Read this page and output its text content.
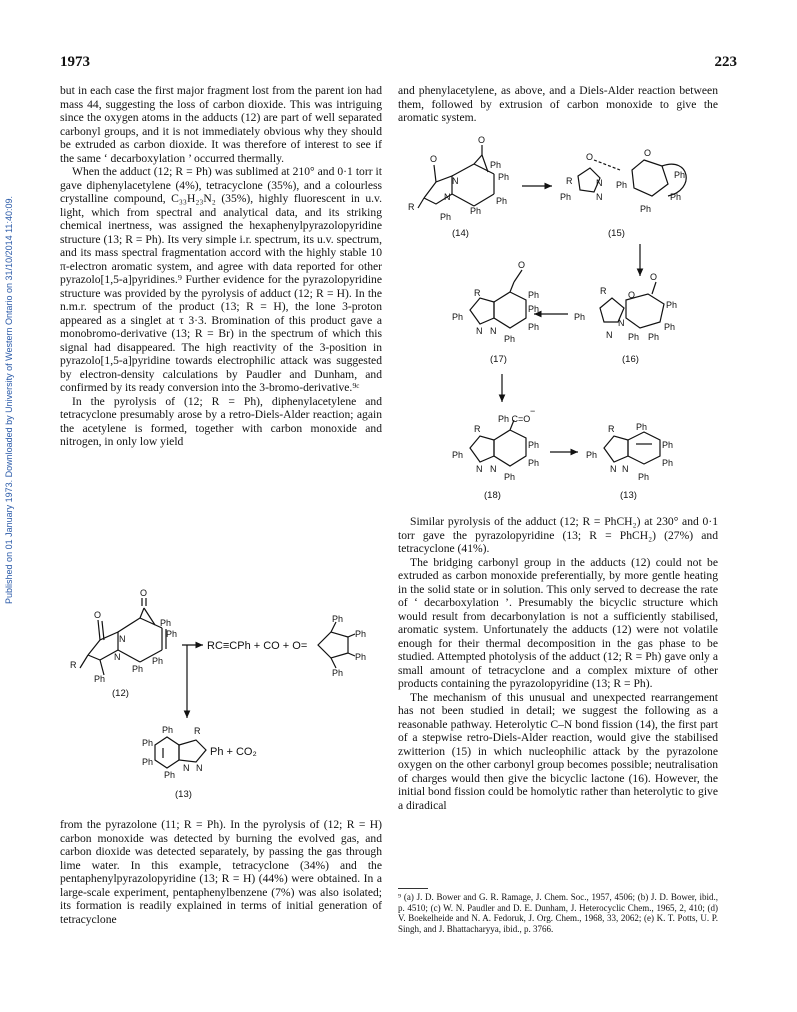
1973	223
Published on 01 January 1973. Downloaded by University of Western Ontario on 31/10/2014 11:40:09.

but in each case the first major fragment lost from the parent ion had mass 44, suggesting the loss of carbon dioxide. This was intriguing since the oxygen atoms in the adducts (12) are part of well separated carbonyl groups, and it is not immediately obvious why they should be extruded as carbon dioxide. It was therefore of interest to see if the same ‘ decarboxylation ’ occurred thermally.

When the adduct (12; R = Ph) was sublimed at 210° and 0·1 torr it gave diphenylacetylene (4%), tetracyclone (35%), and a colourless crystalline compound, C₃₃H₂₃N₂ (35%), highly fluorescent in u.v. light, which from spectral and analytical data, and its striking chemical inertness, was assigned the hexaphenylpyrazolopyridine structure (13; R = Ph). Its very simple i.r. spectrum, its u.v. spectrum, and its mass spectral fragmentation accord with the highly stable 10 π-electron aromatic system, and agree with data reported for other pyrazolo[1,5-a]pyridines.⁹ Further evidence for the pyrazolopyridine structure was provided by the pyrolysis of adduct (12; R = H). In the n.m.r. spectrum of the product (13; R = H), the lone 3-proton appeared as a singlet at τ 3·3. Bromination of this product gave a monobromo-derivative (13; R = Br) in the spectrum of which this signal had disappeared. The high reactivity of the 3-position in pyrazolo[1,5-a]pyridine towards electrophilic attack was suggested by electron-density calculations by Paudler and Dunham, and confirmed by its ready conversion into the 3-bromo-derivative.⁹ᶜ

In the pyrolysis of (12; R = Ph), diphenylacetylene and tetracyclone presumably arose by a retro-Diels-Alder reaction; again the acetylene is formed, together with carbon monoxide and nitrogen, in only low yield

from the pyrazolone (11; R = Ph). In the pyrolysis of (12; R = H) carbon monoxide was detected by burning the evolved gas, and carbon dioxide was detected separately, by passing the gas through lime water. In this example, tetracyclone (34%) and the pentaphenylpyrazolopyridine (13; R = H) (44%) were obtained. In a large-scale experiment, pentaphenylbenzene (7%) was also isolated; its formation is readily explained in terms of initial generation of tetracyclone

and phenylacetylene, as above, and a Diels-Alder reaction between them, followed by extrusion of carbon monoxide to give the aromatic system.

Similar pyrolysis of the adduct (12; R = PhCH₂) at 230° and 0·1 torr gave the pyrazolopyridine (13; R = PhCH₂) (27%) and tetracyclone (41%).

The bridging carbonyl group in the adducts (12) could not be extruded as carbon monoxide preferentially, by more gentle heating in the solid state or in solution. This only served to decrease the rate of ‘ decarboxylation ’. Presumably the bicyclic structure which would result from decarbonylation is not a sufficiently stabilised, aromatic system. Unfortunately the adducts (12) were not volatile enough for their thermal decomposition in the gas phase to be studied. Attempted photolysis of the adduct (12; R = Ph) gave only a small amount of tetracyclone and a complex mixture of other products containing the pyrazolopyridine (13; R = Ph).

The mechanism of this unusual and unexpected rearrangement has not been studied in detail; we suggest the following as a reasonable pathway. Heterolytic C–N bond fission (14), the first part of a stepwise retro-Diels-Alder reaction, would give the stabilised zwitterion (15) in which nucleophilic attack by the pyrazolone oxygen on the other carbonyl group becomes possible; neutralisation of charges would then give the bicyclic lactone (16). However, the initial bond fission could be homolytic rather than heterolytic to give a diradical

⁹ (a) J. D. Bower and G. R. Ramage, J. Chem. Soc., 1957, 4506; (b) J. D. Bower, ibid., p. 4510; (c) W. N. Paudler and D. E. Dunham, J. Heterocyclic Chem., 1965, 2, 410; (d) V. Boekelheide and N. A. Fedoruk, J. Org. Chem., 1968, 33, 2062; (e) K. T. Potts, U. P. Singh, and J. Bhattacharyya, ibid., p. 3766.
O
O
N
N
Ph
Ph
Ph
Ph
R
Ph
(12)
RC≡CPh + CO + O=
Ph
Ph
Ph
Ph
Ph
Ph
Ph R
Ph
N N
Ph + CO₂
(13)
O
O
N
N
Ph
Ph
Ph
Ph
R
Ph
(14)
O	O
R	N
N
Ph
Ph
Ph
Ph
Ph
(15)
R O
O
Ph
N
N
Ph
Ph
Ph Ph
(16)
R
O
Ph
N N
Ph
Ph
Ph
Ph
(17)
Ph C=O
−
R
Ph
N N
Ph
Ph
Ph
(18)
R Ph
Ph
N N
Ph
Ph
Ph
(13)
